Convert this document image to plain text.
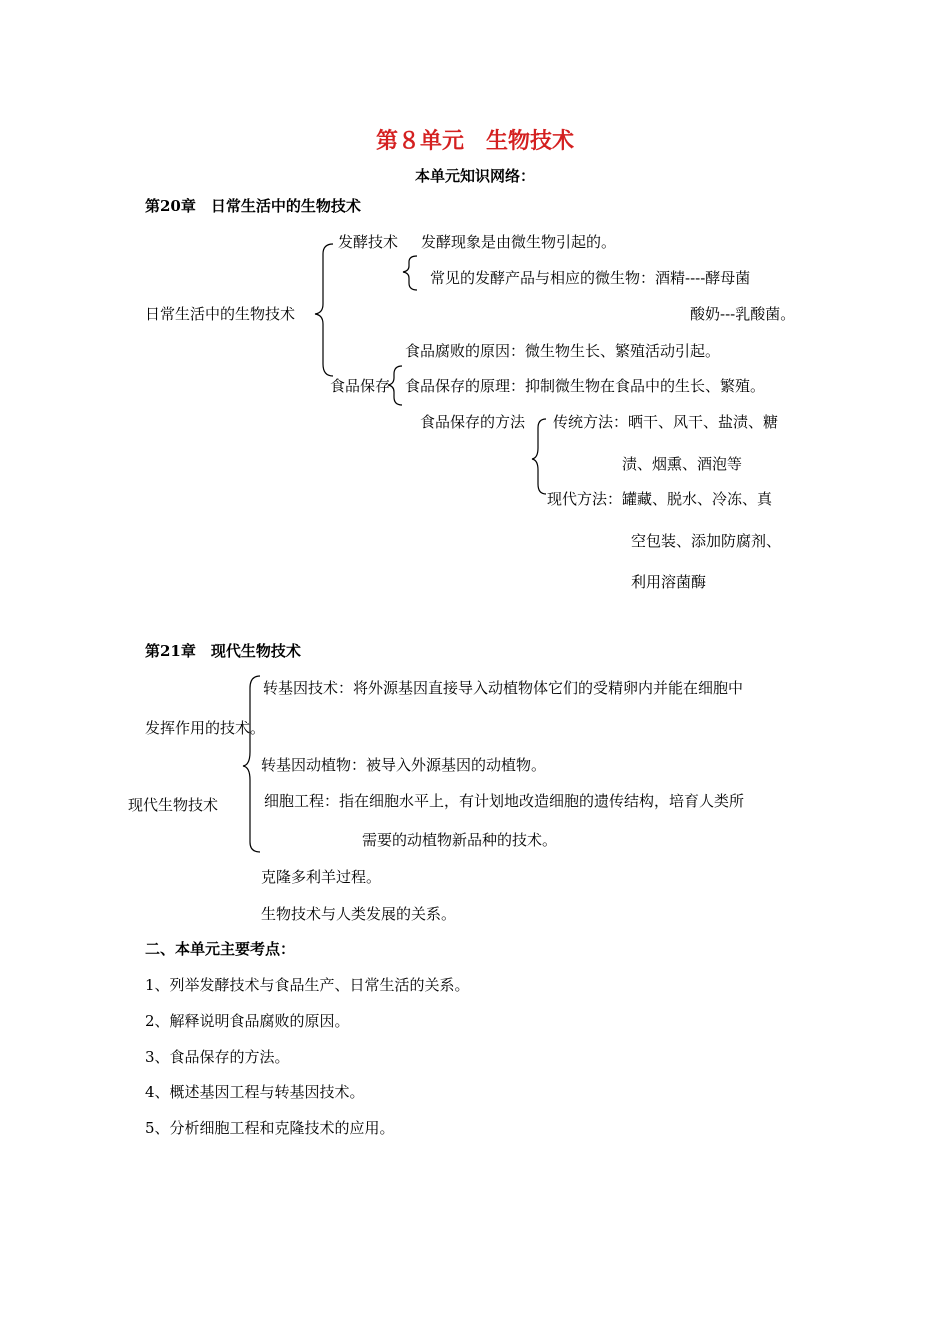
第８单元　生物技术
本单元知识网络：
第20章　日常生活中的生物技术
日常生活中的生物技术
发酵技术 发酵现象是由微生物引起的。
常见的发酵产品与相应的微生物：酒精----酵母菌
酸奶---乳酸菌。
食品腐败的原因：微生物生长、繁殖活动引起。
食品保存 食品保存的原理：抑制微生物在食品中的生长、繁殖。
食品保存的方法 传统方法：晒干、风干、盐渍、糖
渍、烟熏、酒泡等
现代方法：罐藏、脱水、冷冻、真
空包装、添加防腐剂、
利用溶菌酶
第21章　现代生物技术
转基因技术：将外源基因直接导入动植物体它们的受精卵内并能在细胞中
发挥作用的技术。
转基因动植物：被导入外源基因的动植物。
现代生物技术	细胞工程：指在细胞水平上，有计划地改造细胞的遗传结构，培育人类所
需要的动植物新品种的技术。
克隆多利羊过程。
生物技术与人类发展的关系。
二、本单元主要考点：
1、列举发酵技术与食品生产、日常生活的关系。
2、解释说明食品腐败的原因。
3、食品保存的方法。
4、概述基因工程与转基因技术。
5、分析细胞工程和克隆技术的应用。
